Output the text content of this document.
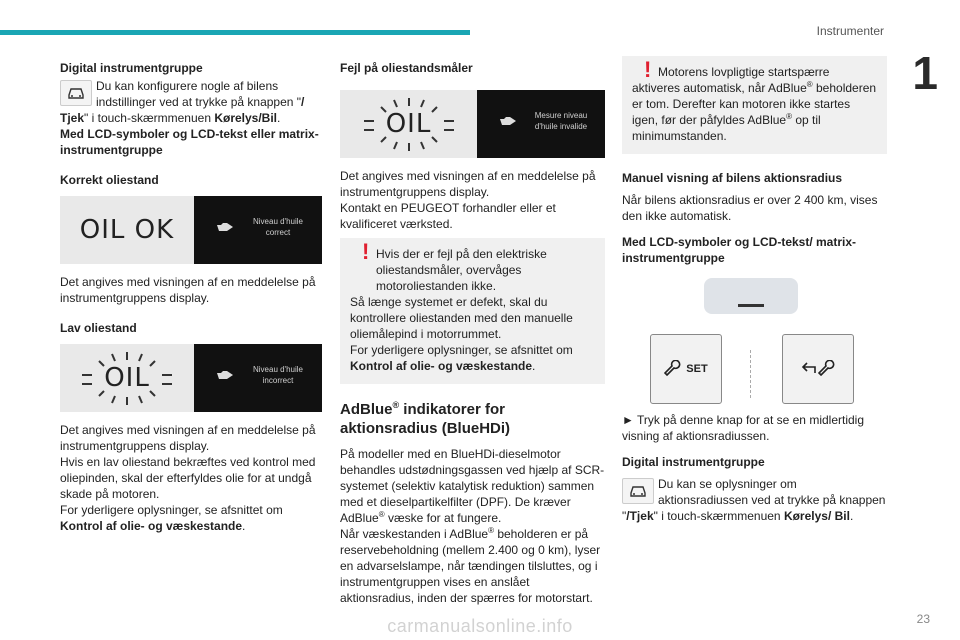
Instrumenter
1
23
Digital instrumentgruppe
Du kan konfigurere nogle af bilens indstillinger ved at trykke på knappen "/ Tjek" i touch-skærmmenuen Kørelys/Bil.

Med LCD-symboler og LCD-tekst eller matrix-instrumentgruppe

Korrekt oliestand
OIL OK	Niveau d'huile correct

Det angives med visningen af en meddelelse på instrumentgruppens display.

Lav oliestand
OIL	Niveau d'huile incorrect

Det angives med visningen af en meddelelse på instrumentgruppens display.

Hvis en lav oliestand bekræftes ved kontrol med oliepinden, skal der efterfyldes olie for at undgå skade på motoren.

For yderligere oplysninger, se afsnittet om Kontrol af olie- og væskestande.

Fejl på oliestandsmåler
OIL	Mesure niveau d'huile invalide

Det angives med visningen af en meddelelse på instrumentgruppens display.

Kontakt en PEUGEOT forhandler eller et kvalificeret værksted.

! Hvis der er fejl på den elektriske oliestandsmåler, overvåges motoroliestanden ikke.

Så længe systemet er defekt, skal du kontrollere oliestanden med den manuelle oliemålepind i motorrummet.

For yderligere oplysninger, se afsnittet om Kontrol af olie- og væskestande.

AdBlue® indikatorer for aktionsradius (BlueHDi)

På modeller med en BlueHDi-dieselmotor behandles udstødningsgassen ved hjælp af SCR-systemet (selektiv katalytisk reduktion) sammen med et dieselpartikelfilter (DPF). De kræver AdBlue® væske for at fungere.

Når væskestanden i AdBlue® beholderen er på reservebeholdning (mellem 2.400 og 0 km), lyser en advarselslampe, når tændingen tilsluttes, og i instrumentgruppen vises en anslået aktionsradius, inden der spærres for motorstart.

! Motorens lovpligtige startspærre aktiveres automatisk, når AdBlue® beholderen er tom. Derefter kan motoren ikke startes igen, før der påfyldes AdBlue® op til minimumstanden.

Manuel visning af bilens aktionsradius

Når bilens aktionsradius er over 2 400 km, vises den ikke automatisk.

Med LCD-symboler og LCD-tekst/ matrix-instrumentgruppe
SET

► Tryk på denne knap for at se en midlertidig visning af aktionsradiussen.

Digital instrumentgruppe
Du kan se oplysninger om aktionsradiussen ved at trykke på knappen "/Tjek" i touch-skærmmenuen Kørelys/ Bil.
carmanualsonline.info
